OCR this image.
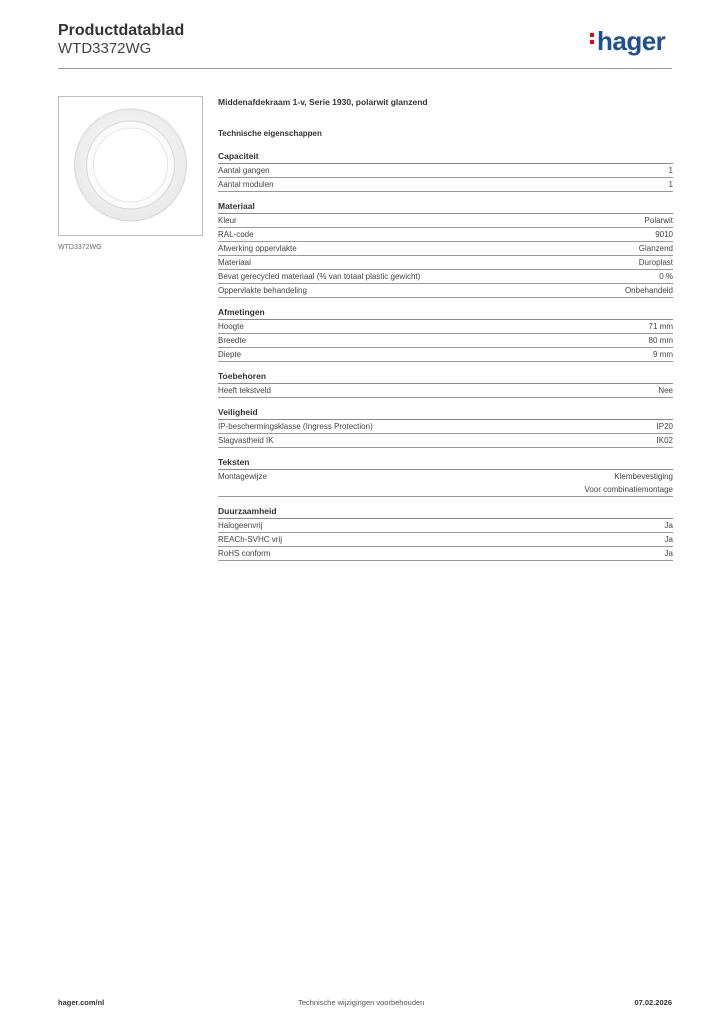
Productdatablad
WTD3372WG	hager
WTD3372WG
Middenafdekraam 1-v, Serie 1930, polarwit glanzend
Technische eigenschappen
Capaciteit
Aantal gangen	1
Aantal modulen	1
Materiaal
Kleur	Polarwit
RAL-code	9010
Afwerking oppervlakte	Glanzend
Materiaal	Duroplast
Bevat gerecycled materiaal (% van totaal plastic gewicht)	0 %
Oppervlakte behandeling	Onbehandeld
Afmetingen
Hoogte	71 mm
Breedte	80 mm
Diepte	9 mm
Toebehoren
Heeft tekstveld	Nee
Veiligheid
IP-beschermingsklasse (Ingress Protection)	IP20
Slagvastheid IK	IK02
Teksten
Montagewijze	Klembevestiging
Voor combinatiemontage
Duurzaamheid
Halogeenvrij	Ja
REACh-SVHC vrij	Ja
RoHS conform	Ja
hager.com/nl	Technische wijzigingen voorbehouden	07.02.2026
